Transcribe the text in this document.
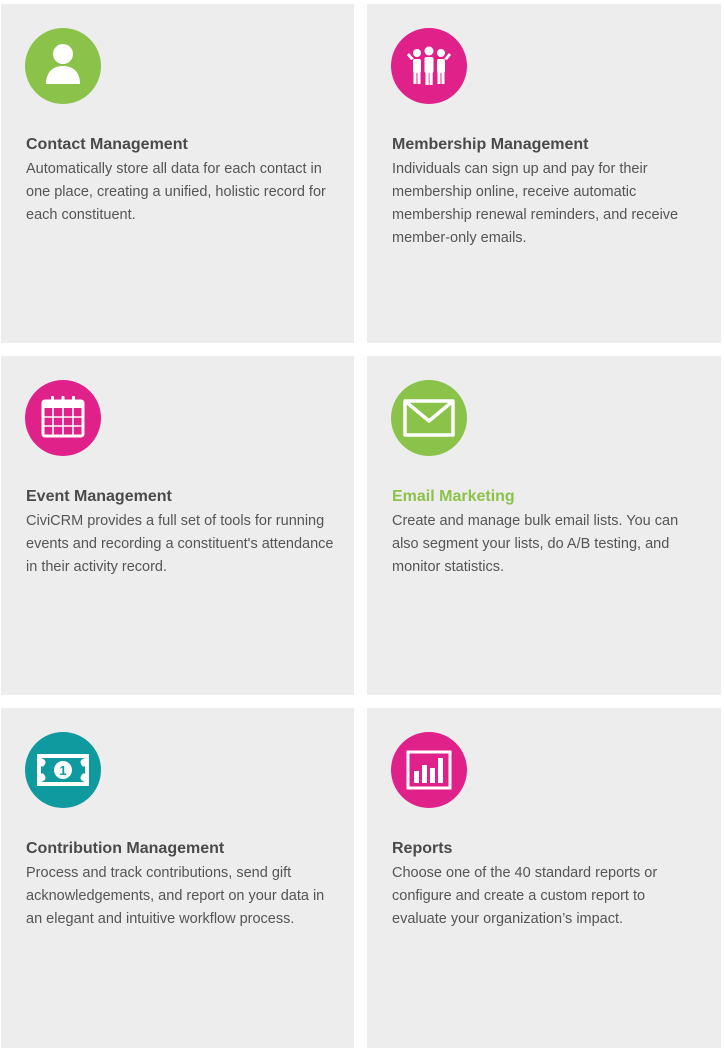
Contact Management

Automatically store all data for each contact in one place, creating a unified, holistic record for each constituent.

Membership Management

Individuals can sign up and pay for their membership online, receive automatic membership renewal reminders, and receive member-only emails.

Event Management

CiviCRM provides a full set of tools for running events and recording a constituent's attendance in their activity record.

Email Marketing

Create and manage bulk email lists. You can also segment your lists, do A/B testing, and monitor statistics.

1
Contribution Management

Process and track contributions, send gift acknowledgements, and report on your data in an elegant and intuitive workflow process.

Reports

Choose one of the 40 standard reports or configure and create a custom report to evaluate your organization’s impact.
